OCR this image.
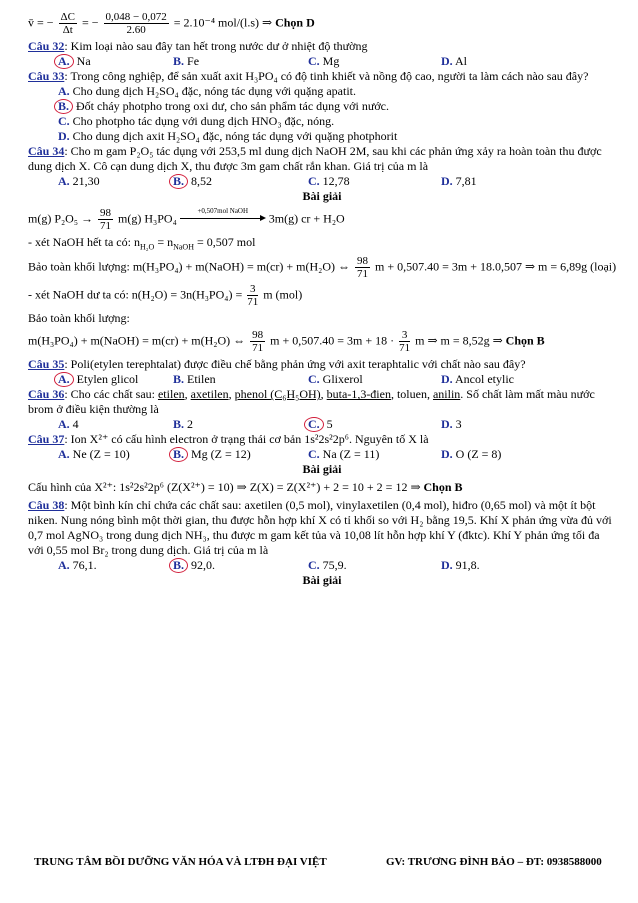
v̄ = − $\frac{\Delta C}{\Delta t}$ = − $\frac{0,048 - 0,072}{2.60} = 2.10^{-4}$ mol/(l.s) ⇒ Chọn D
Câu 32: Kim loại nào sau đây tan hết trong nước dư ở nhiệt độ thường
A. Na	B. Fe	C. Mg	D. Al
Câu 33: Trong công nghiệp, để sản xuất axit H₃PO₄ có độ tinh khiết và nồng độ cao, người ta làm cách nào sau đây?
A. Cho dung dịch H₂SO₄ đặc, nóng tác dụng với quặng apatit.
B. Đốt cháy photpho trong oxi dư, cho sản phẩm tác dụng với nước.
C. Cho photpho tác dụng với dung dịch HNO₃ đặc, nóng.
D. Cho dung dịch axit H₂SO₄ đặc, nóng tác dụng với quặng photphorit
Câu 34: Cho m gam P₂O₅ tác dụng với 253,5 ml dung dịch NaOH 2M, sau khi các phản ứng xảy ra hoàn toàn thu được dung dịch X. Cô cạn dung dịch X, thu được 3m gam chất rắn khan. Giá trị của m là
A. 21,30	B. 8,52	C. 12,78	D. 7,81
Bài giải
m(g) $P_2O_5 \to \frac{98}{71} m(g)$ H₃PO₄ +0,507mol NaOH 3m(g) cr + H₂O
- xét NaOH hết ta có: $n_{H_2O} = n_{NaOH} = 0,507$ mol
Bảo toàn khối lượng: m(H₃PO₄) + m(NaOH) = m(cr) + m(H₂O) ⇔ $\frac{98}{71}$ m + 0,507.40 = 3m + 18.0,507 ⇒ m = 6,89g (loại)
- xét NaOH dư ta có: $n(H_2O) = 3n(H_3PO_4) = \frac{3}{71}$ m (mol)
Bảo toàn khối lượng:
m(H₃PO₄) + m(NaOH) = m(cr) + m(H₂O) ⇔ $\frac{98}{71}$ $m + 0,507.40 = 3m + 18 \cdot \frac{3}{71}$ m ⇒ m = 8,52g ⇒ Chọn B
Câu 35: Poli(etylen terephtalat) được điều chế bằng phản ứng với axit teraphtalic với chất nào sau đây?
A. Etylen glicol	B. Etilen	C. Glixerol	D. Ancol etylic
Câu 36: Cho các chất sau: etilen, axetilen, phenol (C₆H₅OH), buta-1,3-đien, toluen, anilin. Số chất làm mất màu nước brom ở điều kiện thường là
A. 4	B. 2	C. 5	D. 3
Câu 37: Ion X²⁺ có cấu hình electron ở trạng thái cơ bản 1s²2s²2p⁶. Nguyên tố X là
A. Ne (Z = 10)	B. Mg (Z = 12)	C. Na (Z = 11)	D. O (Z = 8)
Bài giải
Cấu hình của X²⁺: 1s²2s²2p⁶ (Z(X²⁺) = 10) ⇒ Z(X) = Z(X²⁺) + 2 = 10 + 2 = 12 ⇒ Chọn B
Câu 38: Một bình kín chỉ chứa các chất sau: axetilen (0,5 mol), vinylaxetilen (0,4 mol), hiđro (0,65 mol) và một ít bột niken. Nung nóng bình một thời gian, thu được hỗn hợp khí X có tỉ khối so với H₂ bằng 19,5. Khí X phản ứng vừa đủ với 0,7 mol AgNO₃ trong dung dịch NH₃, thu được m gam kết tủa và 10,08 lít hỗn hợp khí Y (đktc). Khí Y phản ứng tối đa với 0,55 mol Br₂ trong dung dịch. Giá trị của m là
A. 76,1.	B. 92,0.	C. 75,9.	D. 91,8.
Bài giải
TRUNG TÂM BỒI DƯỠNG VĂN HÓA VÀ LTĐH ĐẠI VIỆT	GV: TRƯƠNG ĐÌNH BẢO – ĐT: 0938588000
